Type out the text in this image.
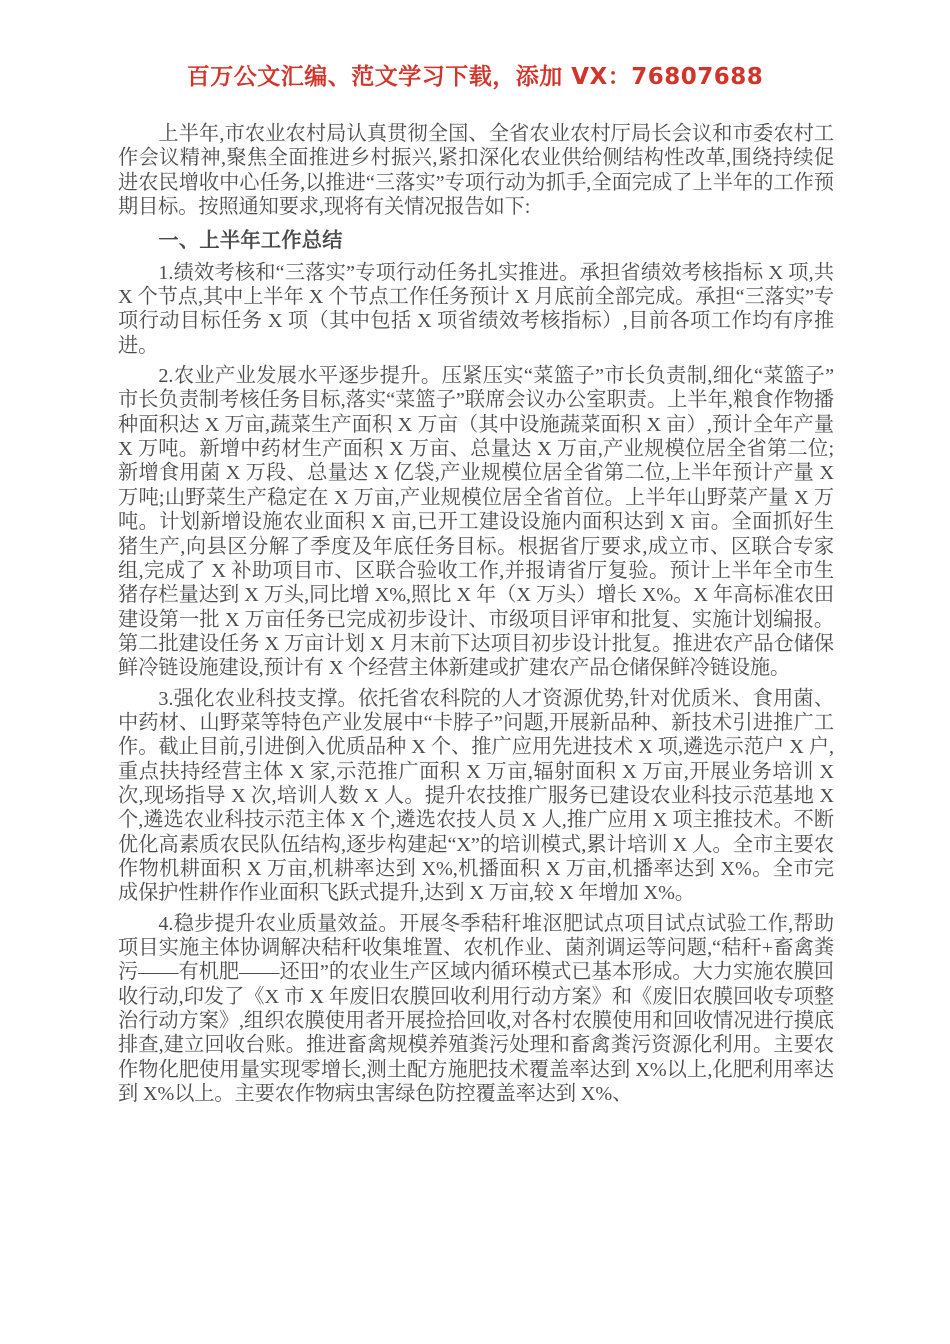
百万公文汇编、范文学习下载，添加 VX：76807688

上半年,市农业农村局认真贯彻全国、全省农业农村厅局长会议和市委农村工作会议精神,聚焦全面推进乡村振兴,紧扣深化农业供给侧结构性改革,围绕持续促进农民增收中心任务,以推进“三落实”专项行动为抓手,全面完成了上半年的工作预期目标。按照通知要求,现将有关情况报告如下:

一、上半年工作总结

1.绩效考核和“三落实”专项行动任务扎实推进。承担省绩效考核指标 X 项,共 X 个节点,其中上半年 X 个节点工作任务预计 X 月底前全部完成。承担“三落实”专项行动目标任务 X 项（其中包括 X 项省绩效考核指标）,目前各项工作均有序推进。

2.农业产业发展水平逐步提升。压紧压实“菜篮子”市长负责制,细化“菜篮子”市长负责制考核任务目标,落实“菜篮子”联席会议办公室职责。上半年,粮食作物播种面积达 X 万亩,蔬菜生产面积 X 万亩（其中设施蔬菜面积 X 亩）,预计全年产量 X 万吨。新增中药材生产面积 X 万亩、总量达 X 万亩,产业规模位居全省第二位;新增食用菌 X 万段、总量达 X 亿袋,产业规模位居全省第二位,上半年预计产量 X 万吨;山野菜生产稳定在 X 万亩,产业规模位居全省首位。上半年山野菜产量 X 万吨。计划新增设施农业面积 X 亩,已开工建设设施内面积达到 X 亩。全面抓好生猪生产,向县区分解了季度及年底任务目标。根据省厅要求,成立市、区联合专家组,完成了 X 补助项目市、区联合验收工作,并报请省厅复验。预计上半年全市生猪存栏量达到 X 万头,同比增 X%,照比 X 年（X 万头）增长 X%。X 年高标准农田建设第一批 X 万亩任务已完成初步设计、市级项目评审和批复、实施计划编报。第二批建设任务 X 万亩计划 X 月末前下达项目初步设计批复。推进农产品仓储保鲜冷链设施建设,预计有 X 个经营主体新建或扩建农产品仓储保鲜冷链设施。

3.强化农业科技支撑。依托省农科院的人才资源优势,针对优质米、食用菌、中药材、山野菜等特色产业发展中“卡脖子”问题,开展新品种、新技术引进推广工作。截止目前,引进倒入优质品种 X 个、推广应用先进技术 X 项,遴选示范户 X 户,重点扶持经营主体 X 家,示范推广面积 X 万亩,辐射面积 X 万亩,开展业务培训 X 次,现场指导 X 次,培训人数 X 人。提升农技推广服务已建设农业科技示范基地 X 个,遴选农业科技示范主体 X 个,遴选农技人员 X 人,推广应用 X 项主推技术。不断优化高素质农民队伍结构,逐步构建起“X”的培训模式,累计培训 X 人。全市主要农作物机耕面积 X 万亩,机耕率达到 X%,机播面积 X 万亩,机播率达到 X%。全市完成保护性耕作作业面积飞跃式提升,达到 X 万亩,较 X 年增加 X%。

4.稳步提升农业质量效益。开展冬季秸秆堆沤肥试点项目试点试验工作,帮助项目实施主体协调解决秸秆收集堆置、农机作业、菌剂调运等问题,“秸秆+畜禽粪污——有机肥——还田”的农业生产区域内循环模式已基本形成。大力实施农膜回收行动,印发了《X 市 X 年废旧农膜回收利用行动方案》和《废旧农膜回收专项整治行动方案》,组织农膜使用者开展捡拾回收,对各村农膜使用和回收情况进行摸底排查,建立回收台账。推进畜禽规模养殖粪污处理和畜禽粪污资源化利用。主要农作物化肥使用量实现零增长,测土配方施肥技术覆盖率达到 X%以上,化肥利用率达到 X%以上。主要农作物病虫害绿色防控覆盖率达到 X%、
